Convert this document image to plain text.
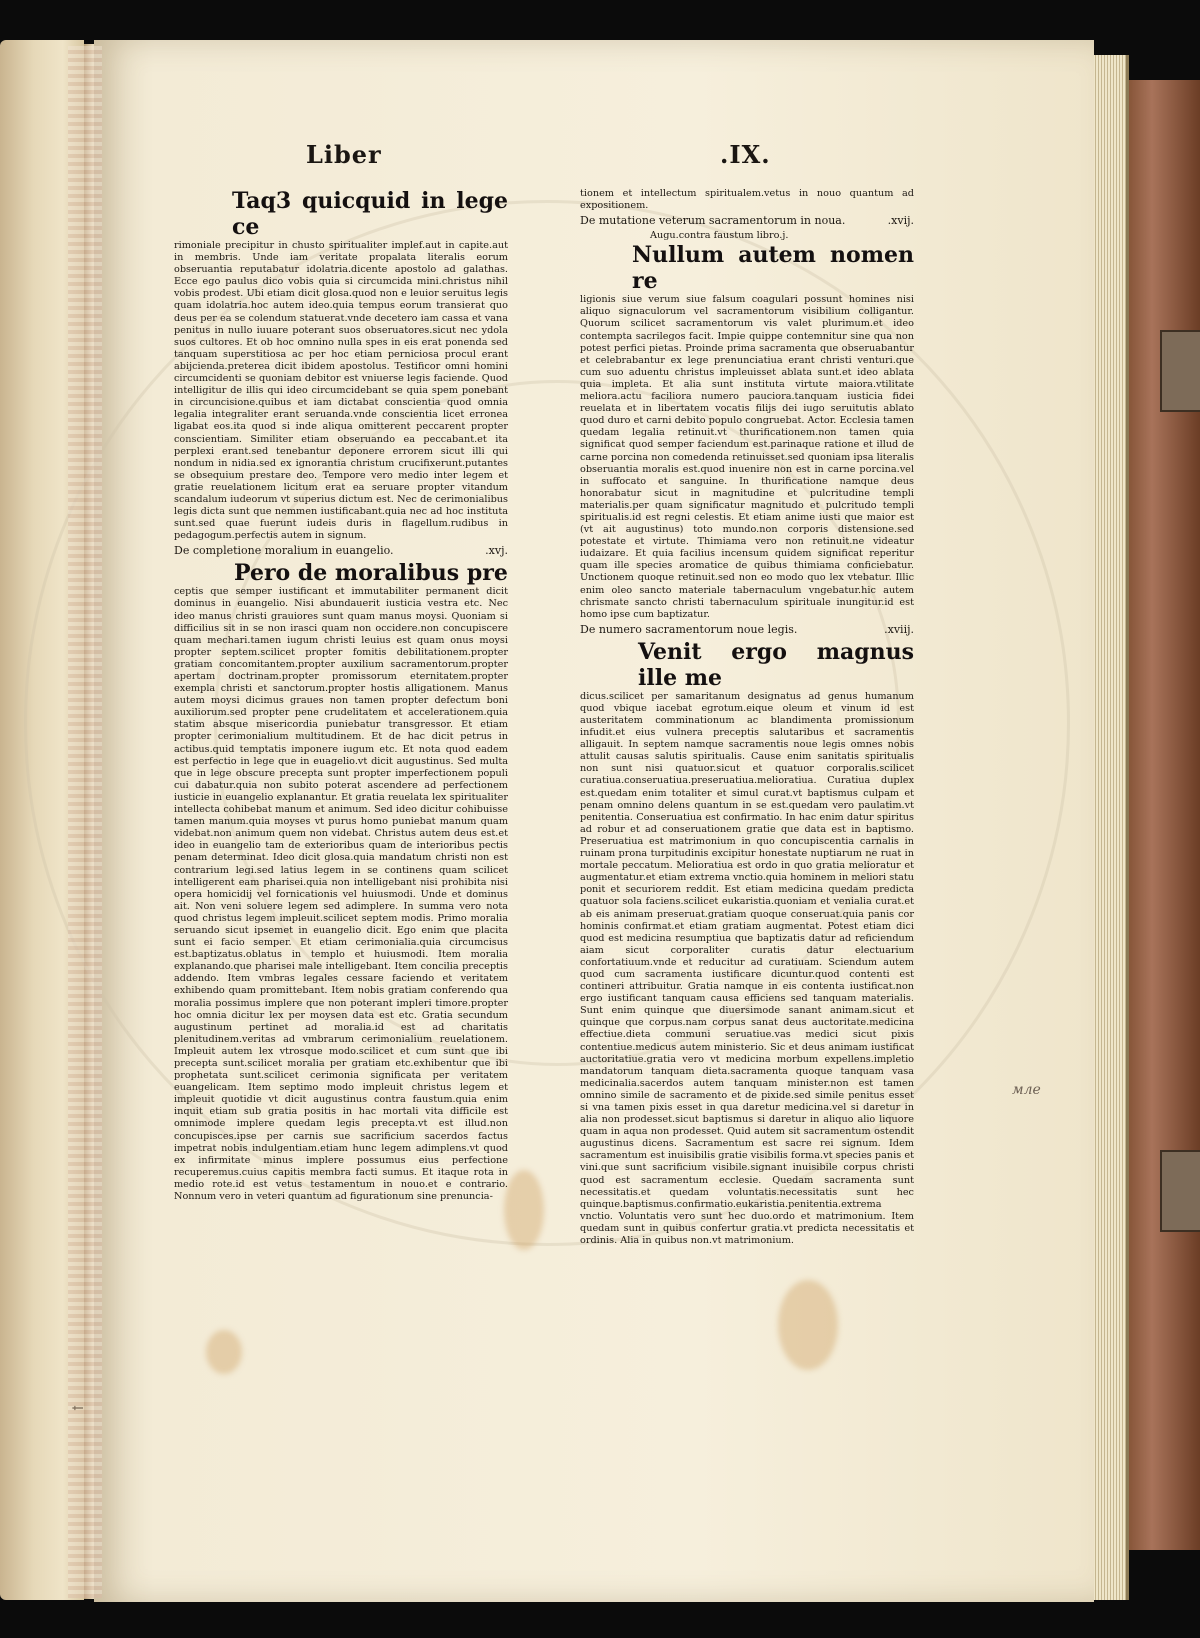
Liber	.IX.
Taq3 quicquid in lege ce

rimoniale precipitur in chusto spiritualiter implef.aut in capite.aut in membris. Unde iam veritate propalata literalis eorum obseruantia reputabatur idolatria.dicente apostolo ad galathas. Ecce ego paulus dico vobis quia si circumcida mini.christus nihil vobis prodest. Ubi etiam dicit glosa.quod non e leuior seruitus legis quam idolatria.hoc autem ideo.quia tempus eorum transierat quo deus per ea se colendum statuerat.vnde decetero iam cassa et vana penitus in nullo iuuare poterant suos obseruatores.sicut nec ydola suos cultores. Et ob hoc omnino nulla spes in eis erat ponenda sed tanquam superstitiosa ac per hoc etiam perniciosa procul erant abijcienda.preterea dicit ibidem apostolus. Testificor omni homini circumcidenti se quoniam debitor est vniuerse legis faciende. Quod intelligitur de illis qui ideo circumcidebant se quia spem ponebant in circuncisione.quibus et iam dictabat conscientia quod omnia legalia integraliter erant seruanda.vnde conscientia licet erronea ligabat eos.ita quod si inde aliqua omitterent peccarent propter conscientiam. Similiter etiam obseruando ea peccabant.et ita perplexi erant.sed tenebantur deponere errorem sicut illi qui nondum in nidia.sed ex ignorantia christum crucifixerunt.putantes se obsequium prestare deo. Tempore vero medio inter legem et gratie reuelationem licitum erat ea seruare propter vitandum scandalum iudeorum vt superius dictum est. Nec de cerimonialibus legis dicta sunt que nemmen iustificabant.quia nec ad hoc instituta sunt.sed quae fuerunt iudeis duris in flagellum.rudibus in pedagogum.perfectis autem in signum.

De completione moralium in euangelio.	.xvj.
Pero de moralibus pre

ceptis que semper iustificant et immutabiliter permanent dicit dominus in euangelio. Nisi abundauerit iusticia vestra etc. Nec ideo manus christi grauiores sunt quam manus moysi. Quoniam si difficilius sit in se non irasci quam non occidere.non concupiscere quam mechari.tamen iugum christi leuius est quam onus moysi propter septem.scilicet propter fomitis debilitationem.propter gratiam concomitantem.propter auxilium sacramentorum.propter apertam doctrinam.propter promissorum eternitatem.propter exempla christi et sanctorum.propter hostis alligationem. Manus autem moysi dicimus graues non tamen propter defectum boni auxiliorum.sed propter pene crudelitatem et accelerationem.quia statim absque misericordia puniebatur transgressor. Et etiam propter cerimonialium multitudinem. Et de hac dicit petrus in actibus.quid temptatis imponere iugum etc. Et nota quod eadem est perfectio in lege que in euagelio.vt dicit augustinus. Sed multa que in lege obscure precepta sunt propter imperfectionem populi cui dabatur.quia non subito poterat ascendere ad perfectionem iusticie in euangelio explanantur. Et gratia reuelata lex spiritualiter intellecta cohibebat manum et animum. Sed ideo dicitur cohibuisse tamen manum.quia moyses vt purus homo puniebat manum quam videbat.non animum quem non videbat. Christus autem deus est.et ideo in euangelio tam de exterioribus quam de interioribus pectis penam determinat. Ideo dicit glosa.quia mandatum christi non est contrarium legi.sed latius legem in se continens quam scilicet intelligerent eam pharisei.quia non intelligebant nisi prohibita nisi opera homicidij vel fornicationis vel huiusmodi. Unde et dominus ait. Non veni soluere legem sed adimplere. In summa vero nota quod christus legem impleuit.scilicet septem modis. Primo moralia seruando sicut ipsemet in euangelio dicit. Ego enim que placita sunt ei facio semper. Et etiam cerimonialia.quia circumcisus est.baptizatus.oblatus in templo et huiusmodi. Item moralia explanando.que pharisei male intelligebant. Item concilia preceptis addendo. Item vmbras legales cessare faciendo et veritatem exhibendo quam promittebant. Item nobis gratiam conferendo qua moralia possimus implere que non poterant impleri timore.propter hoc omnia dicitur lex per moysen data est etc. Gratia secundum augustinum pertinet ad moralia.id est ad charitatis plenitudinem.veritas ad vmbrarum cerimonialium reuelationem. Impleuit autem lex vtrosque modo.scilicet et cum sunt que ibi precepta sunt.scilicet moralia per gratiam etc.exhibentur que ibi prophetata sunt.scilicet cerimonia significata per veritatem euangelicam. Item septimo modo impleuit christus legem et impleuit quotidie vt dicit augustinus contra faustum.quia enim inquit etiam sub gratia positis in hac mortali vita difficile est omnimode implere quedam legis precepta.vt est illud.non concupisces.ipse per carnis sue sacrificium sacerdos factus impetrat nobis indulgentiam.etiam hunc legem adimplens.vt quod ex infirmitate minus implere possumus eius perfectione recuperemus.cuius capitis membra facti sumus. Et itaque rota in medio rote.id est vetus testamentum in nouo.et e contrario. Nonnum vero in veteri quantum ad figurationum sine prenuncia-

tionem et intellectum spiritualem.vetus in nouo quantum ad expositionem.

De mutatione veterum sacramentorum in noua.	.xvij.

Augu.contra faustum libro.j.

Nullum autem nomen re

ligionis siue verum siue falsum coagulari possunt homines nisi aliquo signaculorum vel sacramentorum visibilium colligantur. Quorum scilicet sacramentorum vis valet plurimum.et ideo contempta sacrilegos facit. Impie quippe contemnitur sine qua non potest perfici pietas. Proinde prima sacramenta que obseruabantur et celebrabantur ex lege prenunciatiua erant christi venturi.que cum suo aduentu christus impleuisset ablata sunt.et ideo ablata quia impleta. Et alia sunt instituta virtute maiora.vtilitate meliora.actu faciliora numero pauciora.tanquam iusticia fidei reuelata et in libertatem vocatis filijs dei iugo seruitutis ablato quod duro et carni debito populo congruebat. Actor. Ecclesia tamen quedam legalia retinuit.vt thurificationem.non tamen quia significat quod semper faciendum est.parinaque ratione et illud de carne porcina non comedenda retinuisset.sed quoniam ipsa literalis obseruantia moralis est.quod inuenire non est in carne porcina.vel in suffocato et sanguine. In thurificatione namque deus honorabatur sicut in magnitudine et pulcritudine templi materialis.per quam significatur magnitudo et pulcritudo templi spiritualis.id est regni celestis. Et etiam anime iusti que maior est (vt ait augustinus) toto mundo.non corporis distensione.sed potestate et virtute. Thimiama vero non retinuit.ne videatur iudaizare. Et quia facilius incensum quidem significat reperitur quam ille species aromatice de quibus thimiama conficiebatur. Unctionem quoque retinuit.sed non eo modo quo lex vtebatur. Illic enim oleo sancto materiale tabernaculum vngebatur.hic autem chrismate sancto christi tabernaculum spirituale inungitur.id est homo ipse cum baptizatur.

De numero sacramentorum noue legis.	.xviij.
Venit ergo magnus ille me

dicus.scilicet per samaritanum designatus ad genus humanum quod vbique iacebat egrotum.eique oleum et vinum id est austeritatem comminationum ac blandimenta promissionum infudit.et eius vulnera preceptis salutaribus et sacramentis alligauit. In septem namque sacramentis noue legis omnes nobis attulit causas salutis spiritualis. Cause enim sanitatis spiritualis non sunt nisi quatuor.sicut et quatuor corporalis.scilicet curatiua.conseruatiua.preseruatiua.melioratiua. Curatiua duplex est.quedam enim totaliter et simul curat.vt baptismus culpam et penam omnino delens quantum in se est.quedam vero paulatim.vt penitentia. Conseruatiua est confirmatio. In hac enim datur spiritus ad robur et ad conseruationem gratie que data est in baptismo. Preseruatiua est matrimonium in quo concupiscentia carnalis in ruinam prona turpitudinis excipitur honestate nuptiarum ne ruat in mortale peccatum. Melioratiua est ordo in quo gratia melioratur et augmentatur.et etiam extrema vnctio.quia hominem in meliori statu ponit et securiorem reddit. Est etiam medicina quedam predicta quatuor sola faciens.scilicet eukaristia.quoniam et venialia curat.et ab eis animam preseruat.gratiam quoque conseruat.quia panis cor hominis confirmat.et etiam gratiam augmentat. Potest etiam dici quod est medicina resumptiua que baptizatis datur ad reficiendum aiam sicut corporaliter curatis datur electuarium confortatiuum.vnde et reducitur ad curatiuam. Sciendum autem quod cum sacramenta iustificare dicuntur.quod contenti est contineri attribuitur. Gratia namque in eis contenta iustificat.non ergo iustificant tanquam causa efficiens sed tanquam materialis. Sunt enim quinque que diuersimode sanant animam.sicut et quinque que corpus.nam corpus sanat deus auctoritate.medicina effectiue.dieta communi seruatiue.vas medici sicut pixis contentiue.medicus autem ministerio. Sic et deus animam iustificat auctoritatiue.gratia vero vt medicina morbum expellens.impletio mandatorum tanquam dieta.sacramenta quoque tanquam vasa medicinalia.sacerdos autem tanquam minister.non est tamen omnino simile de sacramento et de pixide.sed simile penitus esset si vna tamen pixis esset in qua daretur medicina.vel si daretur in alia non prodesset.sicut baptismus si daretur in aliquo alio liquore quam in aqua non prodesset. Quid autem sit sacramentum ostendit augustinus dicens. Sacramentum est sacre rei signum. Idem sacramentum est inuisibilis gratie visibilis forma.vt species panis et vini.que sunt sacrificium visibile.signant inuisibile corpus christi quod est sacramentum ecclesie. Quedam sacramenta sunt necessitatis.et quedam voluntatis.necessitatis sunt hec quinque.baptismus.confirmatio.eukaristia.penitentia.extrema vnctio. Voluntatis vero sunt hec duo.ordo et matrimonium. Item quedam sunt in quibus confertur gratia.vt predicta necessitatis et ordinis. Alia in quibus non.vt matrimonium.

мле
ꝉ
